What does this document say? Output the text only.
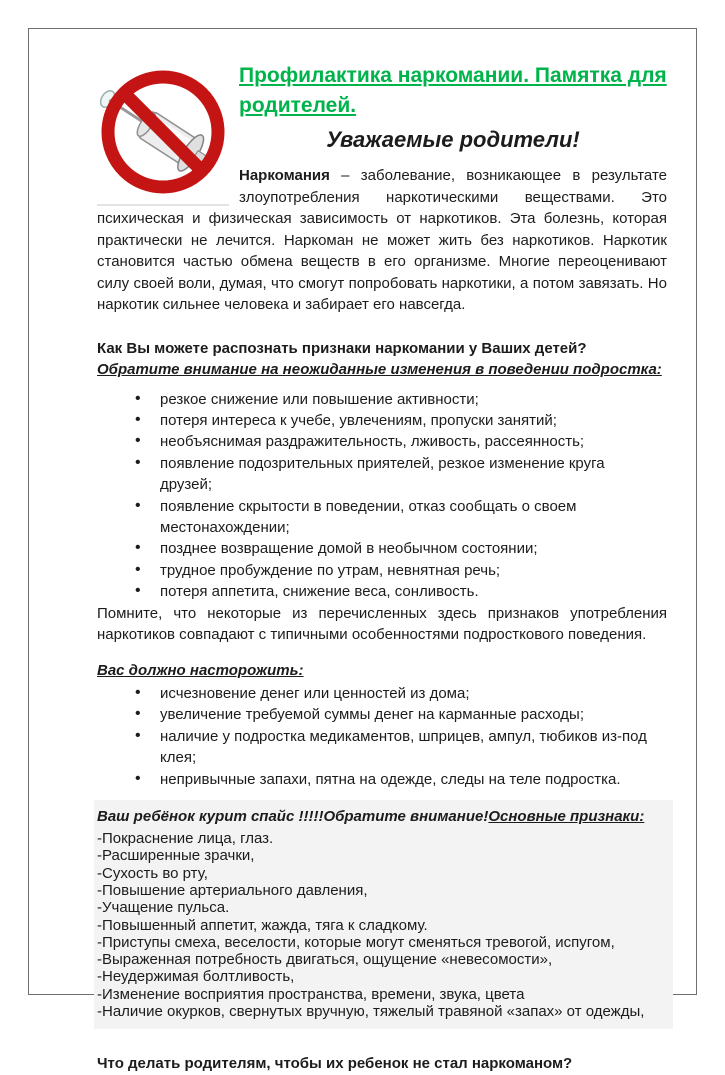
Профилактика наркомании. Памятка для родителей.
Уважаемые родители!

Наркомания – заболевание, возникающее в результате злоупотребления наркотическими веществами. Это психическая и физическая зависимость от наркотиков. Эта болезнь, которая практически не лечится. Наркоман не может жить без наркотиков. Наркотик становится частью обмена веществ в его организме. Многие переоценивают силу своей воли, думая, что смогут попробовать наркотики, а потом завязать. Но наркотик сильнее человека и забирает его навсегда.

Как Вы можете распознать признаки наркомании у Ваших детей?
Обратите внимание на неожиданные изменения в поведении подростка:
• резкое снижение или повышение активности;
• потеря интереса к учебе, увлечениям, пропуски занятий;
• необъяснимая раздражительность, лживость, рассеянность;
• появление подозрительных приятелей, резкое изменение круга друзей;
• появление скрытости в поведении, отказ сообщать о своем местонахождении;
• позднее возвращение домой в необычном состоянии;
• трудное пробуждение по утрам, невнятная речь;
• потеря аппетита, снижение веса, сонливость.

Помните, что некоторые из перечисленных здесь признаков употребления наркотиков совпадают с типичными особенностями подросткового поведения.

Вас должно насторожить:
• исчезновение денег или ценностей из дома;
• увеличение требуемой суммы денег на карманные расходы;
• наличие у подростка медикаментов, шприцев, ампул, тюбиков из-под клея;
• непривычные запахи, пятна на одежде, следы на теле подростка.
Ваш ребёнок курит спайс !!!!!Обратите внимание!Основные признаки:
-Покраснение лица, глаз.
-Расширенные зрачки,
-Сухость во рту,
-Повышение артериального давления,
-Учащение пульса.
-Повышенный аппетит, жажда, тяга к сладкому.
-Приступы смеха, веселости, которые могут сменяться тревогой, испугом,
-Выраженная потребность двигаться, ощущение «невесомости»,
-Неудержимая болтливость,
-Изменение восприятия пространства, времени, звука, цвета
-Наличие окурков, свернутых вручную, тяжелый травяной «запах» от одежды,
Что делать родителям, чтобы их ребенок не стал наркоманом?
